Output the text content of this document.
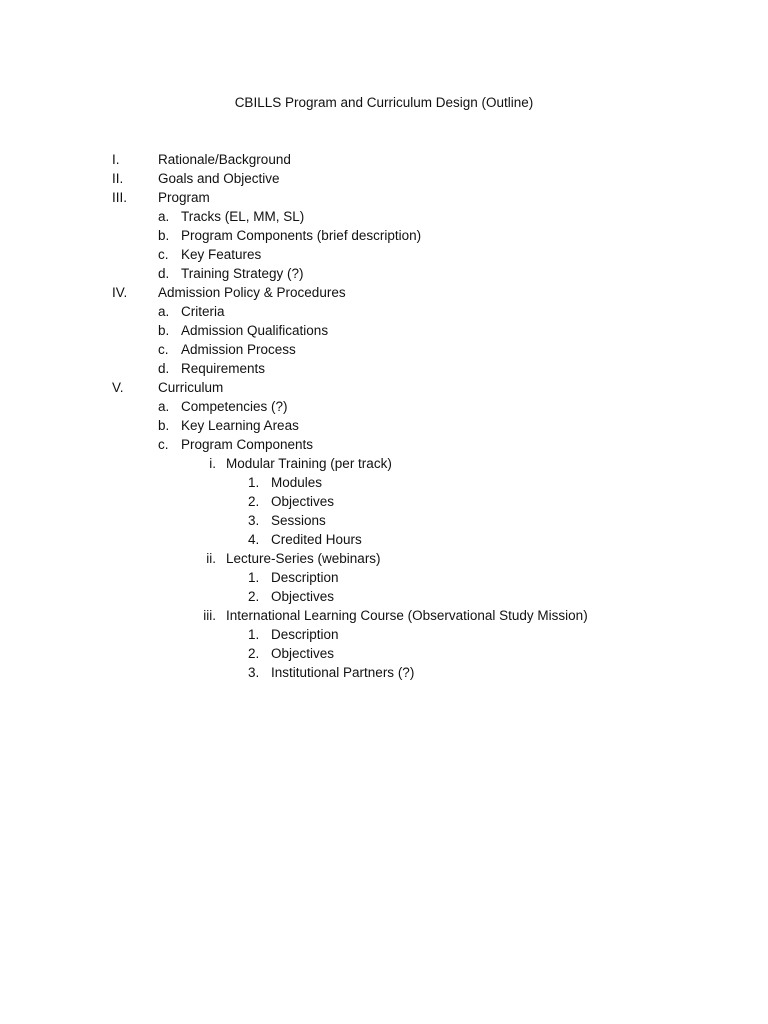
CBILLS Program and Curriculum Design (Outline)
I.	Rationale/Background
II.	Goals and Objective
III. Program
a. Tracks (EL, MM, SL)
b. Program Components (brief description)
c. Key Features
d. Training Strategy (?)
IV. Admission Policy & Procedures
a. Criteria
b. Admission Qualifications
c. Admission Process
d. Requirements
V.	Curriculum
a. Competencies (?)
b. Key Learning Areas
c. Program Components
i. Modular Training (per track)
1. Modules
2. Objectives
3. Sessions
4. Credited Hours
ii. Lecture-Series (webinars)
1. Description
2. Objectives
iii. International Learning Course (Observational Study Mission)
1. Description
2. Objectives
3. Institutional Partners (?)
